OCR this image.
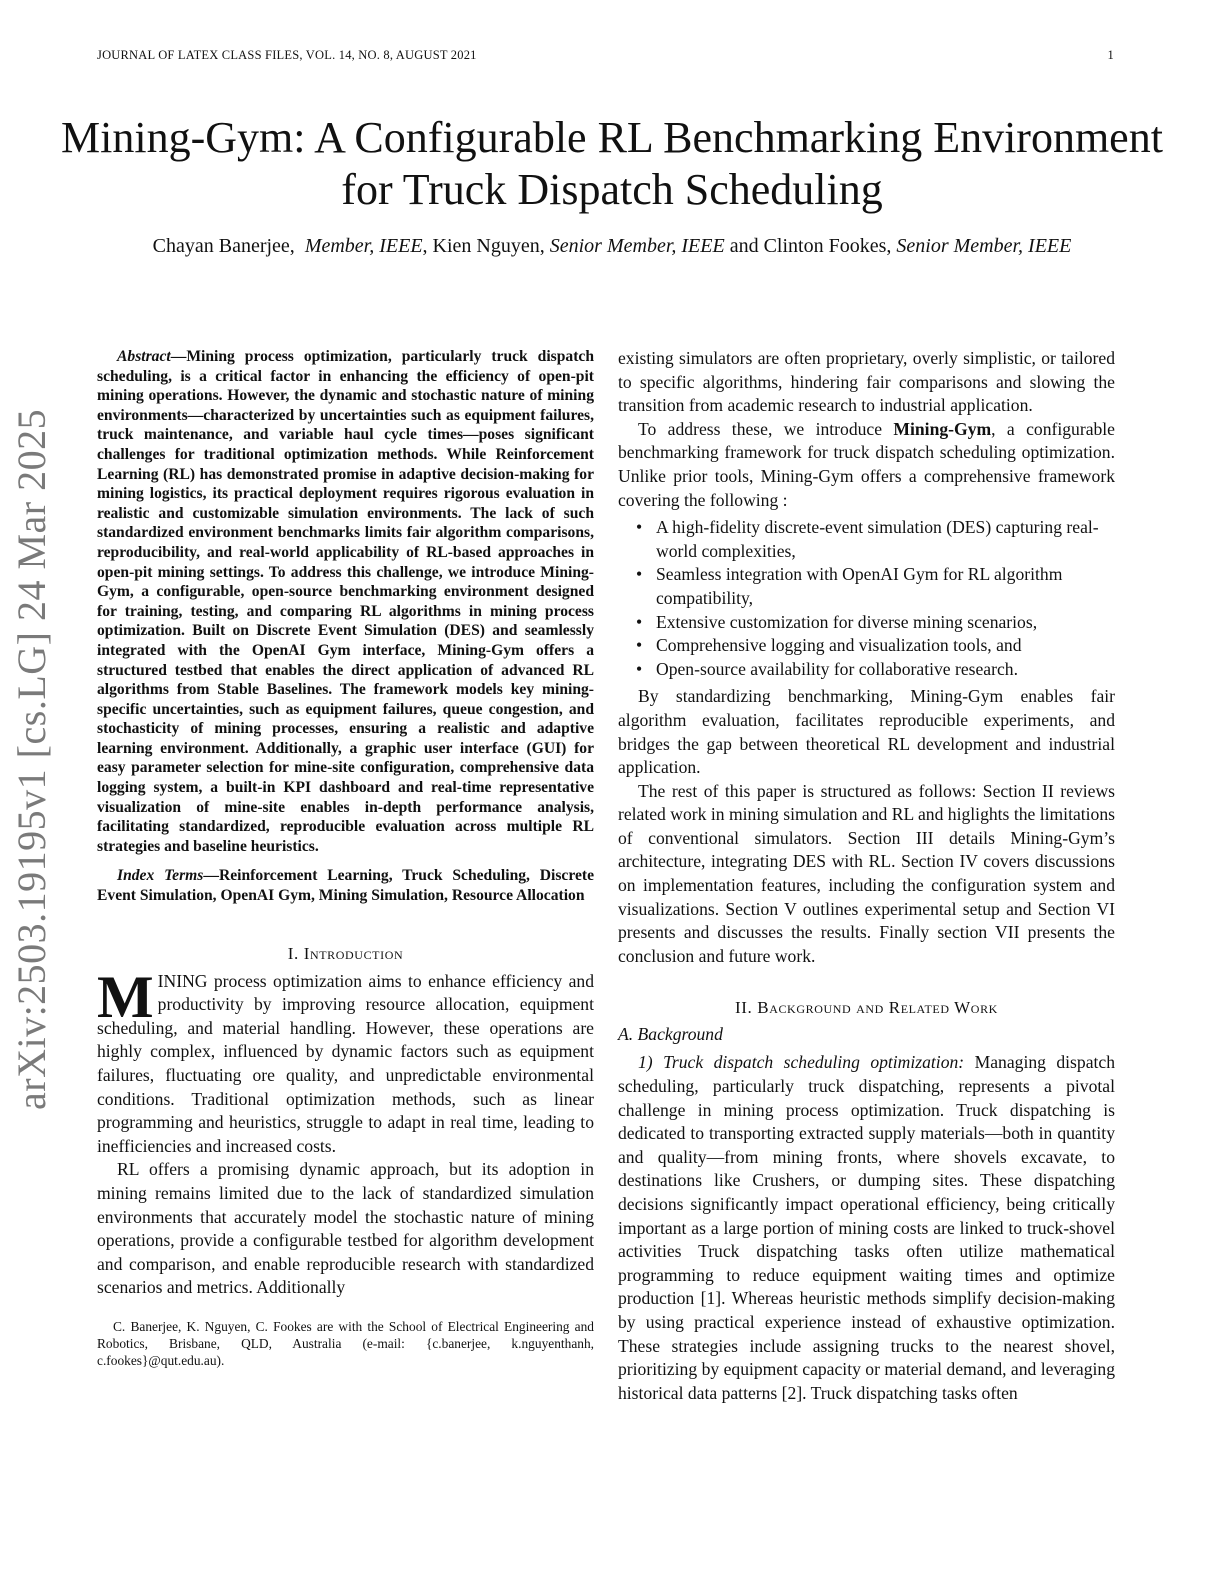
JOURNAL OF LATEX CLASS FILES, VOL. 14, NO. 8, AUGUST 2021	1
arXiv:2503.19195v1 [cs.LG] 24 Mar 2025
Mining-Gym: A Configurable RL Benchmarking Environment for Truck Dispatch Scheduling
Chayan Banerjee, Member, IEEE, Kien Nguyen, Senior Member, IEEE and Clinton Fookes, Senior Member, IEEE

Abstract—Mining process optimization, particularly truck dispatch scheduling, is a critical factor in enhancing the efficiency of open-pit mining operations. However, the dynamic and stochastic nature of mining environments—characterized by uncertainties such as equipment failures, truck maintenance, and variable haul cycle times—poses significant challenges for traditional optimization methods. While Reinforcement Learning (RL) has demonstrated promise in adaptive decision-making for mining logistics, its practical deployment requires rigorous evaluation in realistic and customizable simulation environments. The lack of such standardized environment benchmarks limits fair algorithm comparisons, reproducibility, and real-world applicability of RL-based approaches in open-pit mining settings. To address this challenge, we introduce Mining-Gym, a configurable, open-source benchmarking environment designed for training, testing, and comparing RL algorithms in mining process optimization. Built on Discrete Event Simulation (DES) and seamlessly integrated with the OpenAI Gym interface, Mining-Gym offers a structured testbed that enables the direct application of advanced RL algorithms from Stable Baselines. The framework models key mining-specific uncertainties, such as equipment failures, queue congestion, and stochasticity of mining processes, ensuring a realistic and adaptive learning environment. Additionally, a graphic user interface (GUI) for easy parameter selection for mine-site configuration, comprehensive data logging system, a built-in KPI dashboard and real-time representative visualization of mine-site enables in-depth performance analysis, facilitating standardized, reproducible evaluation across multiple RL strategies and baseline heuristics.

Index Terms—Reinforcement Learning, Truck Scheduling, Discrete Event Simulation, OpenAI Gym, Mining Simulation, Resource Allocation

I. Introduction

MINING process optimization aims to enhance efficiency and productivity by improving resource allocation, equipment scheduling, and material handling. However, these operations are highly complex, influenced by dynamic factors such as equipment failures, fluctuating ore quality, and unpredictable environmental conditions. Traditional optimization methods, such as linear programming and heuristics, struggle to adapt in real time, leading to inefficiencies and increased costs.

RL offers a promising dynamic approach, but its adoption in mining remains limited due to the lack of standardized simulation environments that accurately model the stochastic nature of mining operations, provide a configurable testbed for algorithm development and comparison, and enable reproducible research with standardized scenarios and metrics. Additionally

C. Banerjee, K. Nguyen, C. Fookes are with the School of Electrical Engineering and Robotics, Brisbane, QLD, Australia (e-mail: {c.banerjee, k.nguyenthanh, c.fookes}@qut.edu.au).

existing simulators are often proprietary, overly simplistic, or tailored to specific algorithms, hindering fair comparisons and slowing the transition from academic research to industrial application.

To address these, we introduce Mining-Gym, a configurable benchmarking framework for truck dispatch scheduling optimization. Unlike prior tools, Mining-Gym offers a comprehensive framework covering the following :

• A high-fidelity discrete-event simulation (DES) capturing real-world complexities,
• Seamless integration with OpenAI Gym for RL algorithm compatibility,
• Extensive customization for diverse mining scenarios,
• Comprehensive logging and visualization tools, and
• Open-source availability for collaborative research.

By standardizing benchmarking, Mining-Gym enables fair algorithm evaluation, facilitates reproducible experiments, and bridges the gap between theoretical RL development and industrial application.

The rest of this paper is structured as follows: Section II reviews related work in mining simulation and RL and higlights the limitations of conventional simulators. Section III details Mining-Gym’s architecture, integrating DES with RL. Section IV covers discussions on implementation features, including the configuration system and visualizations. Section V outlines experimental setup and Section VI presents and discusses the results. Finally section VII presents the conclusion and future work.

II. Background and Related Work

A. Background

1) Truck dispatch scheduling optimization: Managing dispatch scheduling, particularly truck dispatching, represents a pivotal challenge in mining process optimization. Truck dispatching is dedicated to transporting extracted supply materials—both in quantity and quality—from mining fronts, where shovels excavate, to destinations like Crushers, or dumping sites. These dispatching decisions significantly impact operational efficiency, being critically important as a large portion of mining costs are linked to truck-shovel activities Truck dispatching tasks often utilize mathematical programming to reduce equipment waiting times and optimize production [1]. Whereas heuristic methods simplify decision-making by using practical experience instead of exhaustive optimization. These strategies include assigning trucks to the nearest shovel, prioritizing by equipment capacity or material demand, and leveraging historical data patterns [2]. Truck dispatching tasks often
